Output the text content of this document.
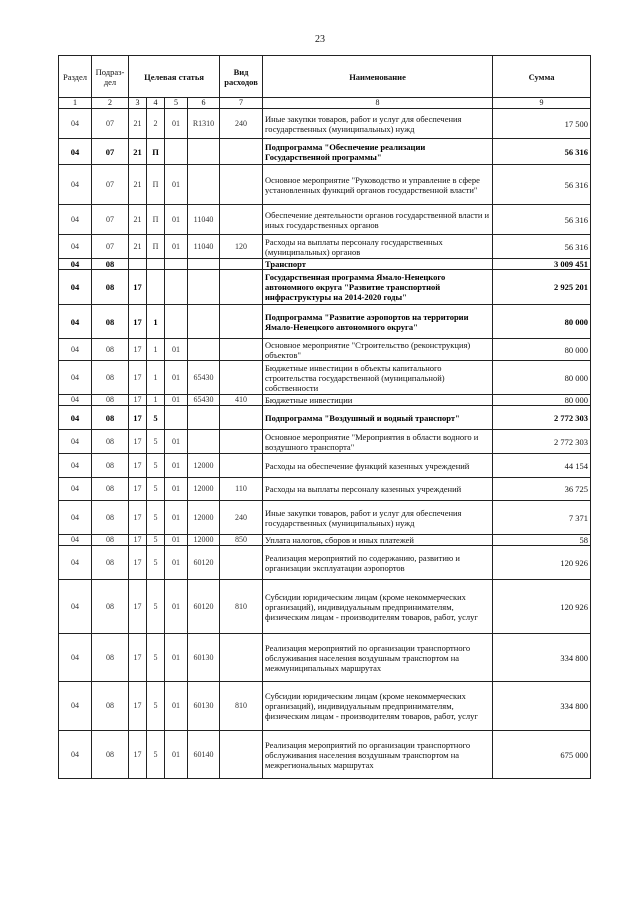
23
Раздел	Подраз-дел	Целевая статья				Вид расходов	Наименование	Сумма
1	2	3	4	5	6	7	8	9
04	07	21	2	01	R1310	240	Иные закупки товаров, работ и услуг для обеспечения государственных (муниципальных) нужд	17 500
04	07	21	П				Подпрограмма "Обеспечение реализации Государственной программы"	56 316
04	07	21	П	01			Основное мероприятие "Руководство и управление в сфере установленных функций органов государственной власти"	56 316
04	07	21	П	01	11040		Обеспечение деятельности органов государственной власти и иных государственных органов	56 316
04	07	21	П	01	11040	120	Расходы на выплаты персоналу государственных (муниципальных) органов	56 316
04	08						Транспорт	3 009 451
04	08	17					Государственная программа Ямало-Ненецкого автономного округа "Развитие транспортной инфраструктуры на 2014-2020 годы"	2 925 201
04	08	17	1				Подпрограмма "Развитие аэропортов на территории Ямало-Ненецкого автономного округа"	80 000
04	08	17	1	01			Основное мероприятие "Строительство (реконструкция) объектов"	80 000
04	08	17	1	01	65430		Бюджетные инвестиции в объекты капитального строительства государственной (муниципальной) собственности	80 000
04	08	17	1	01	65430	410	Бюджетные инвестиции	80 000
04	08	17	5				Подпрограмма "Воздушный и водный транспорт"	2 772 303
04	08	17	5	01			Основное мероприятие "Мероприятия в области водного и воздушного транспорта"	2 772 303
04	08	17	5	01	12000		Расходы на обеспечение функций казенных учреждений	44 154
04	08	17	5	01	12000	110	Расходы на выплаты персоналу казенных учреждений	36 725
04	08	17	5	01	12000	240	Иные закупки товаров, работ и услуг для обеспечения государственных (муниципальных) нужд	7 371
04	08	17	5	01	12000	850	Уплата налогов, сборов и иных платежей	58
04	08	17	5	01	60120		Реализация мероприятий по содержанию, развитию и организации эксплуатации аэропортов	120 926
04	08	17	5	01	60120	810	Субсидии юридическим лицам (кроме некоммерческих организаций), индивидуальным предпринимателям, физическим лицам - производителям товаров, работ, услуг	120 926
04	08	17	5	01	60130		Реализация мероприятий по организации транспортного обслуживания населения воздушным транспортом на межмуниципальных маршрутах	334 800
04	08	17	5	01	60130	810	Субсидии юридическим лицам (кроме некоммерческих организаций), индивидуальным предпринимателям, физическим лицам - производителям товаров, работ, услуг	334 800
04	08	17	5	01	60140		Реализация мероприятий по организации транспортного обслуживания населения воздушным транспортом на межрегиональных маршрутах	675 000
